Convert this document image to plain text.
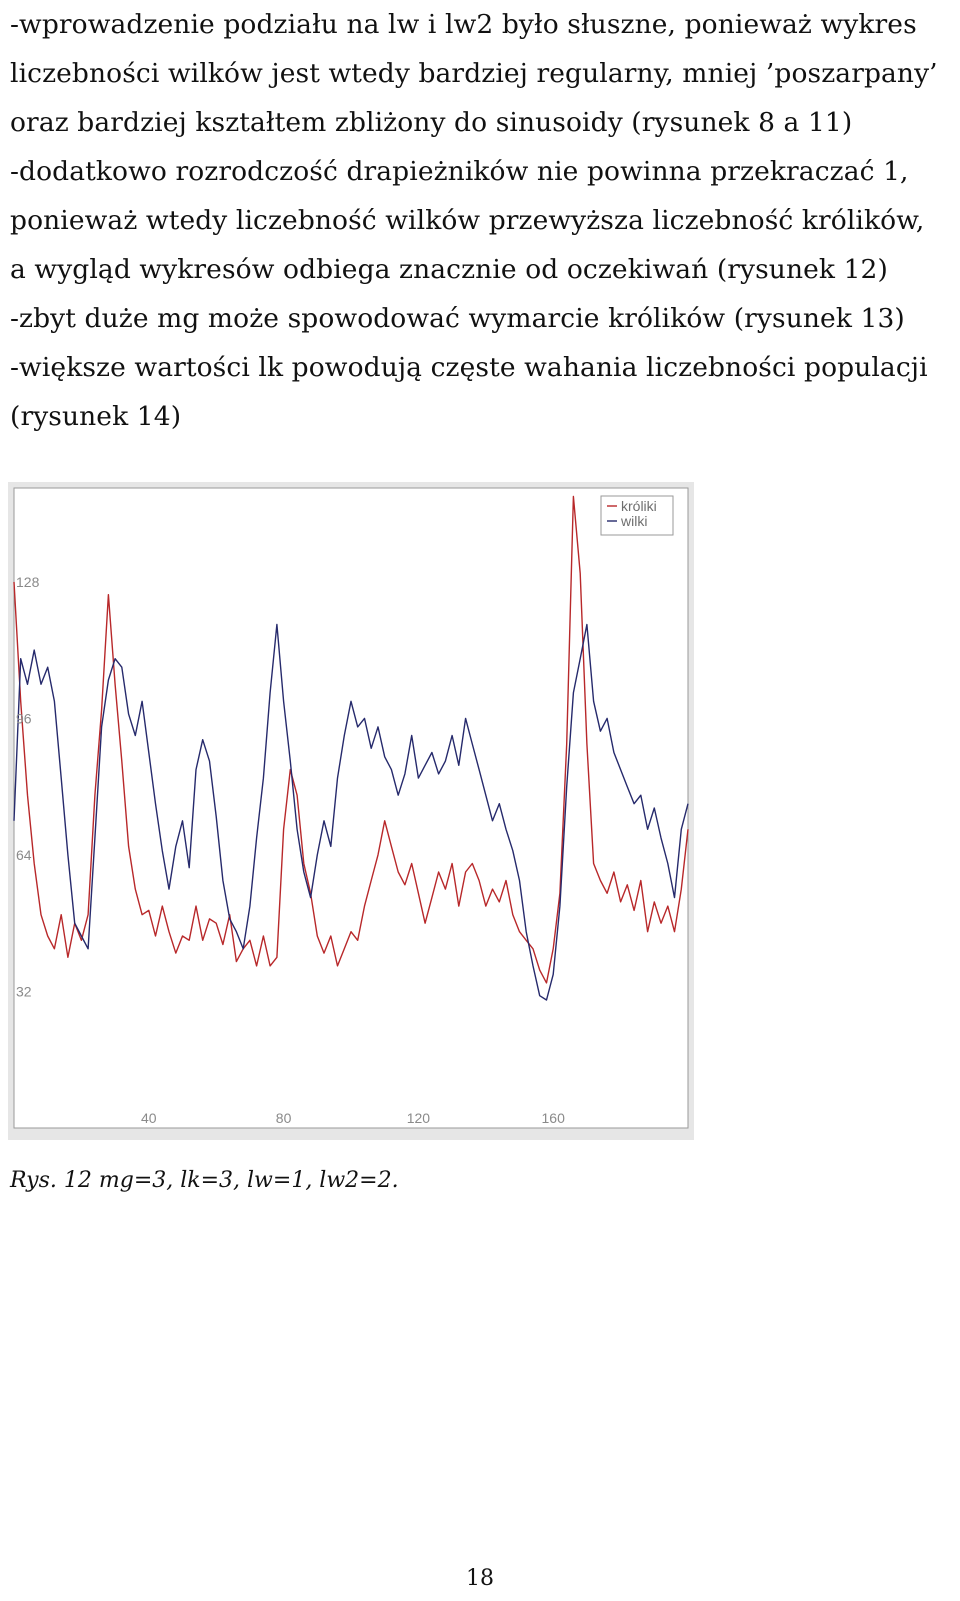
-wprowadzenie podziału na lw i lw2 było słuszne, ponieważ wykres
liczebności wilków jest wtedy bardziej regularny, mniej ’poszarpany’
oraz bardziej kształtem zbliżony do sinusoidy (rysunek 8 a 11)
-dodatkowo rozrodczość drapieżników nie powinna przekraczać 1,
ponieważ wtedy liczebność wilków przewyższa liczebność królików,
a wygląd wykresów odbiega znacznie od oczekiwań (rysunek 12)
-zbyt duże mg może spowodować wymarcie królików (rysunek 13)
-większe wartości lk powodują częste wahania liczebności populacji
(rysunek 14)
128
96
64
32
40	80	120	160
króliki
wilki
Rys. 12 mg=3, lk=3, lw=1, lw2=2.
18
